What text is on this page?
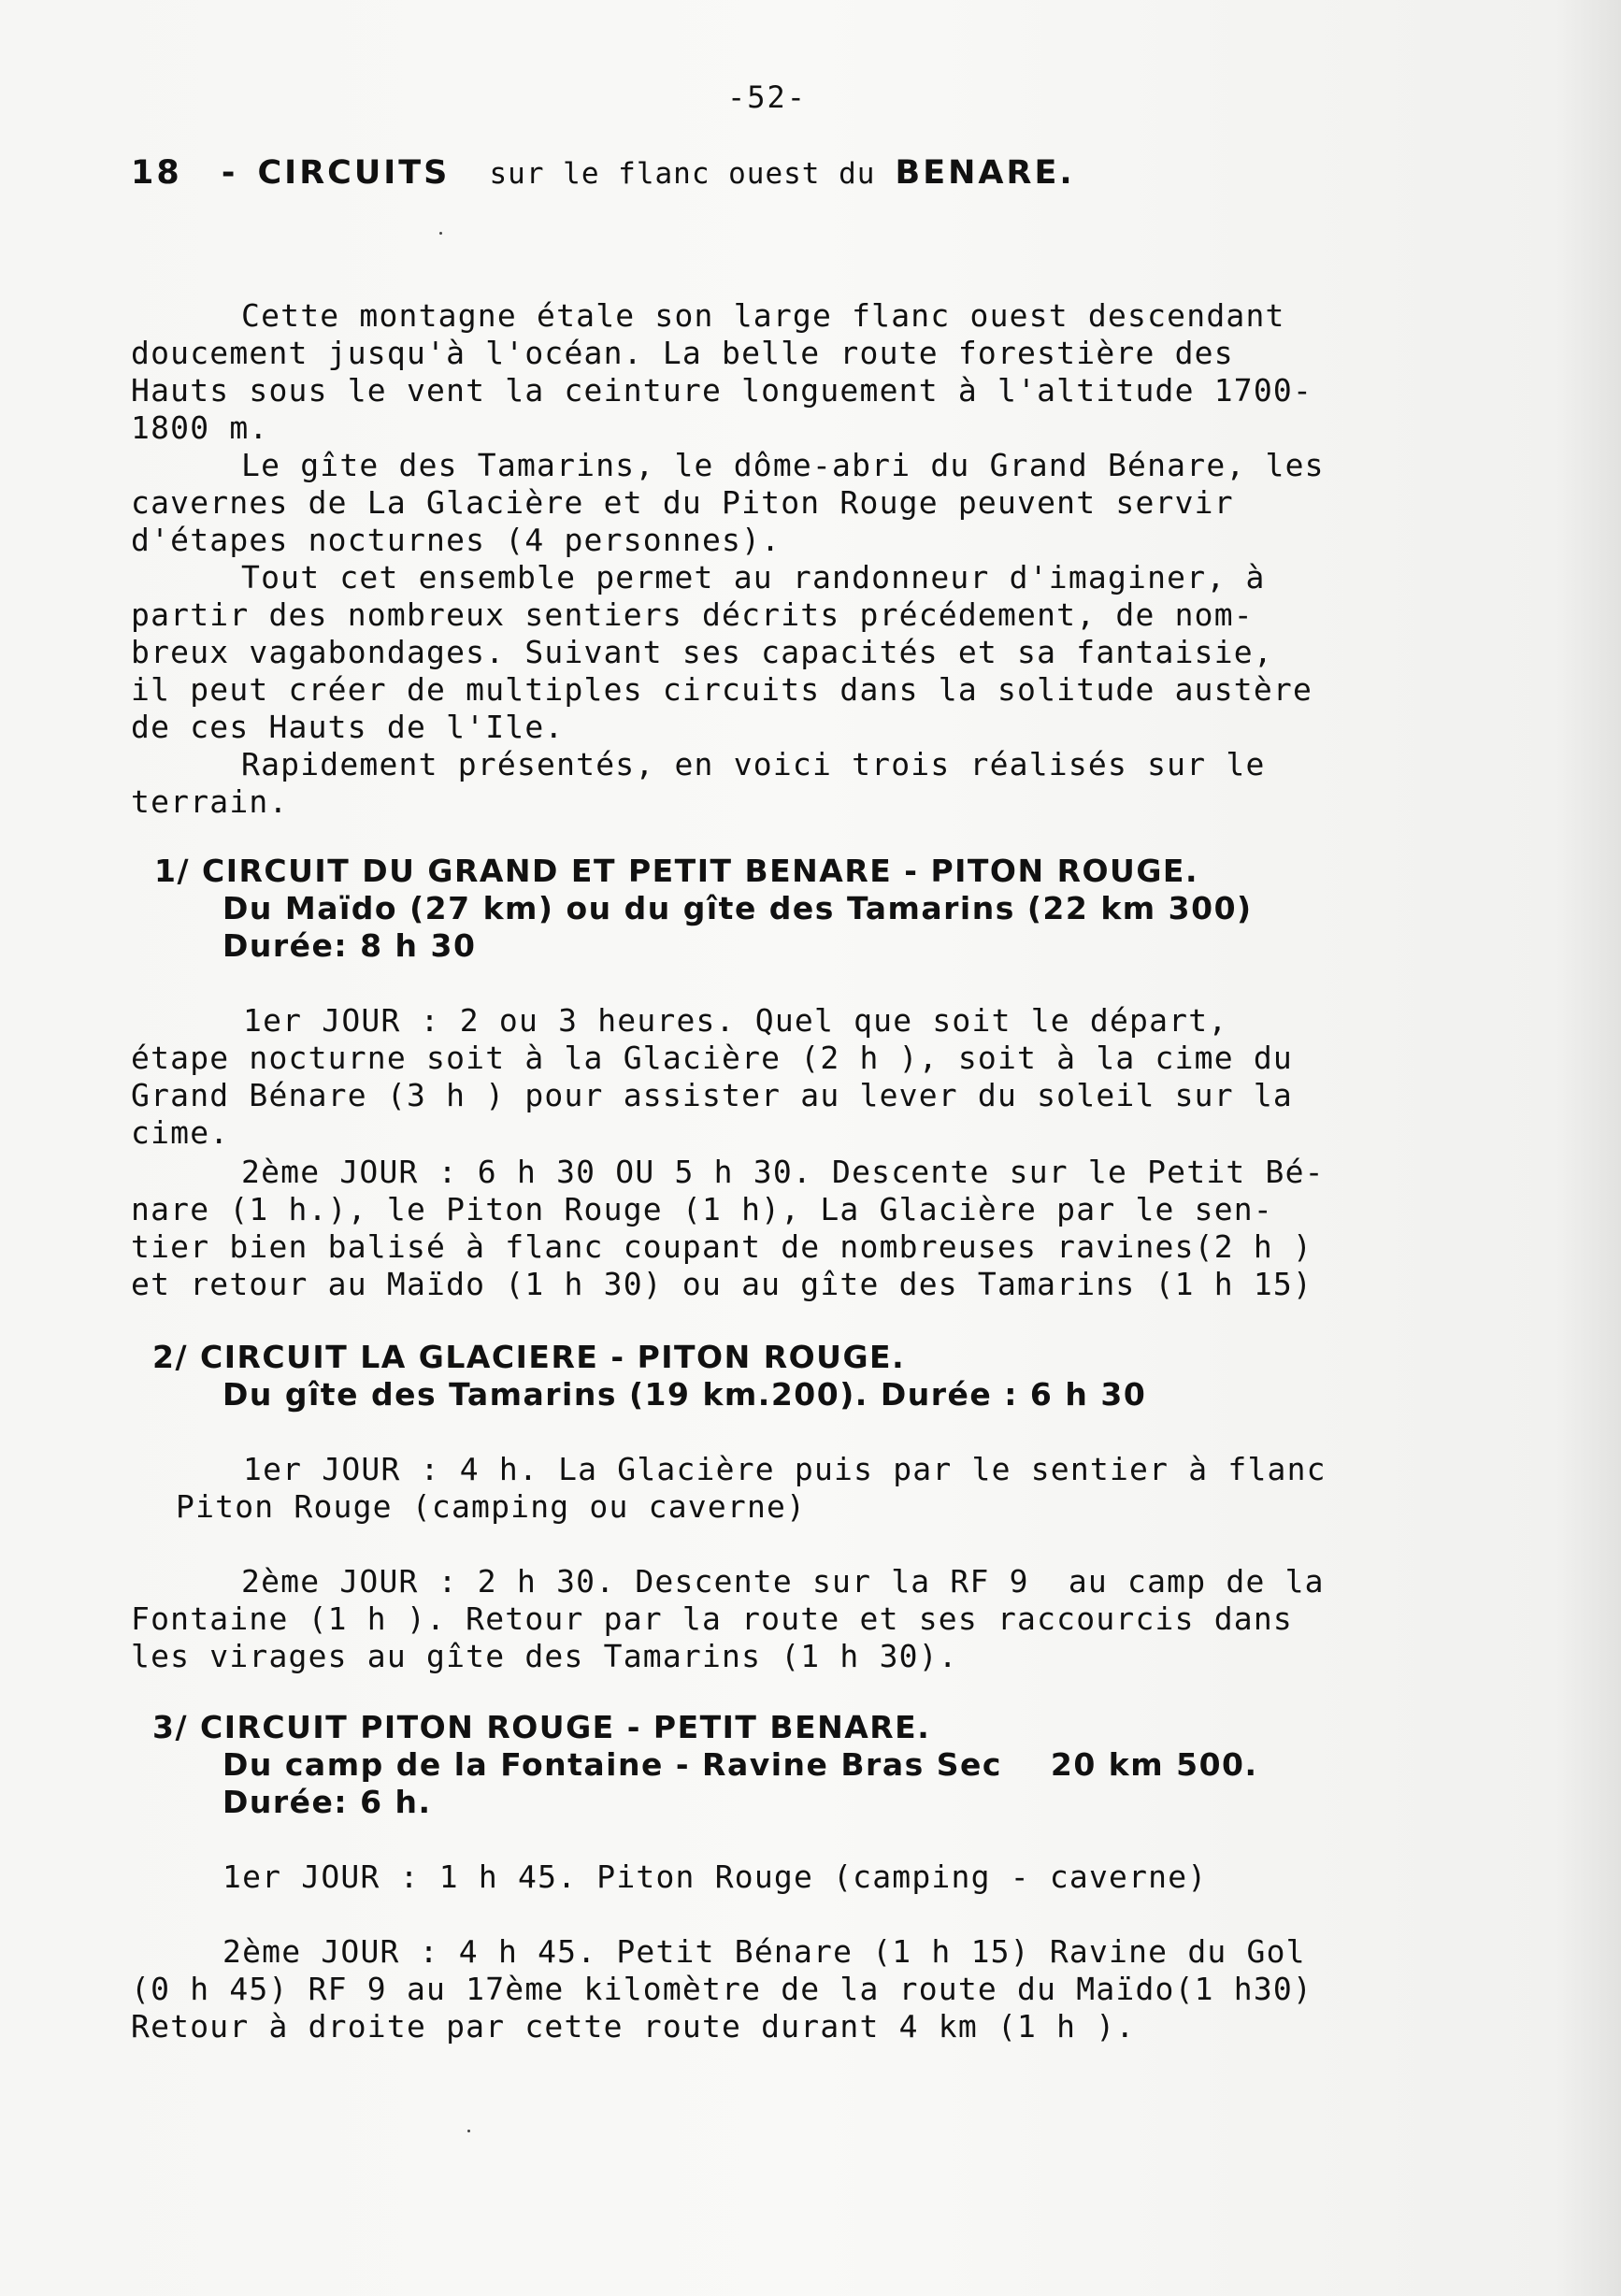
-52-
18 - CIRCUITS sur le flanc ouest du BENARE.
Cette montagne étale son large flanc ouest descendant
doucement jusqu'à l'océan. La belle route forestière des
Hauts sous le vent la ceinture longuement à l'altitude 1700-
1800 m.
Le gîte des Tamarins, le dôme-abri du Grand Bénare, les
cavernes de La Glacière et du Piton Rouge peuvent servir
d'étapes nocturnes (4 personnes).
Tout cet ensemble permet au randonneur d'imaginer, à
partir des nombreux sentiers décrits précédement, de nom-
breux vagabondages. Suivant ses capacités et sa fantaisie,
il peut créer de multiples circuits dans la solitude austère
de ces Hauts de l'Ile.
Rapidement présentés, en voici trois réalisés sur le
terrain.
1/ CIRCUIT DU GRAND ET PETIT BENARE - PITON ROUGE.
Du Maïdo (27 km) ou du gîte des Tamarins (22 km 300)
Durée: 8 h 30
1er JOUR : 2 ou 3 heures. Quel que soit le départ,
étape nocturne soit à la Glacière (2 h ), soit à la cime du
Grand Bénare (3 h ) pour assister au lever du soleil sur la
cime.
2ème JOUR : 6 h 30 OU 5 h 30. Descente sur le Petit Bé-
nare (1 h.), le Piton Rouge (1 h), La Glacière par le sen-
tier bien balisé à flanc coupant de nombreuses ravines(2 h )
et retour au Maïdo (1 h 30) ou au gîte des Tamarins (1 h 15)
2/ CIRCUIT LA GLACIERE - PITON ROUGE.
Du gîte des Tamarins (19 km.200). Durée : 6 h 30
1er JOUR : 4 h. La Glacière puis par le sentier à flanc
Piton Rouge (camping ou caverne)
2ème JOUR : 2 h 30. Descente sur la RF 9  au camp de la
Fontaine (1 h ). Retour par la route et ses raccourcis dans
les virages au gîte des Tamarins (1 h 30).
3/ CIRCUIT PITON ROUGE - PETIT BENARE.
Du camp de la Fontaine - Ravine Bras Sec    20 km 500.
Durée: 6 h.
1er JOUR : 1 h 45. Piton Rouge (camping - caverne)
2ème JOUR : 4 h 45. Petit Bénare (1 h 15) Ravine du Gol
(0 h 45) RF 9 au 17ème kilomètre de la route du Maïdo(1 h30)
Retour à droite par cette route durant 4 km (1 h ).
